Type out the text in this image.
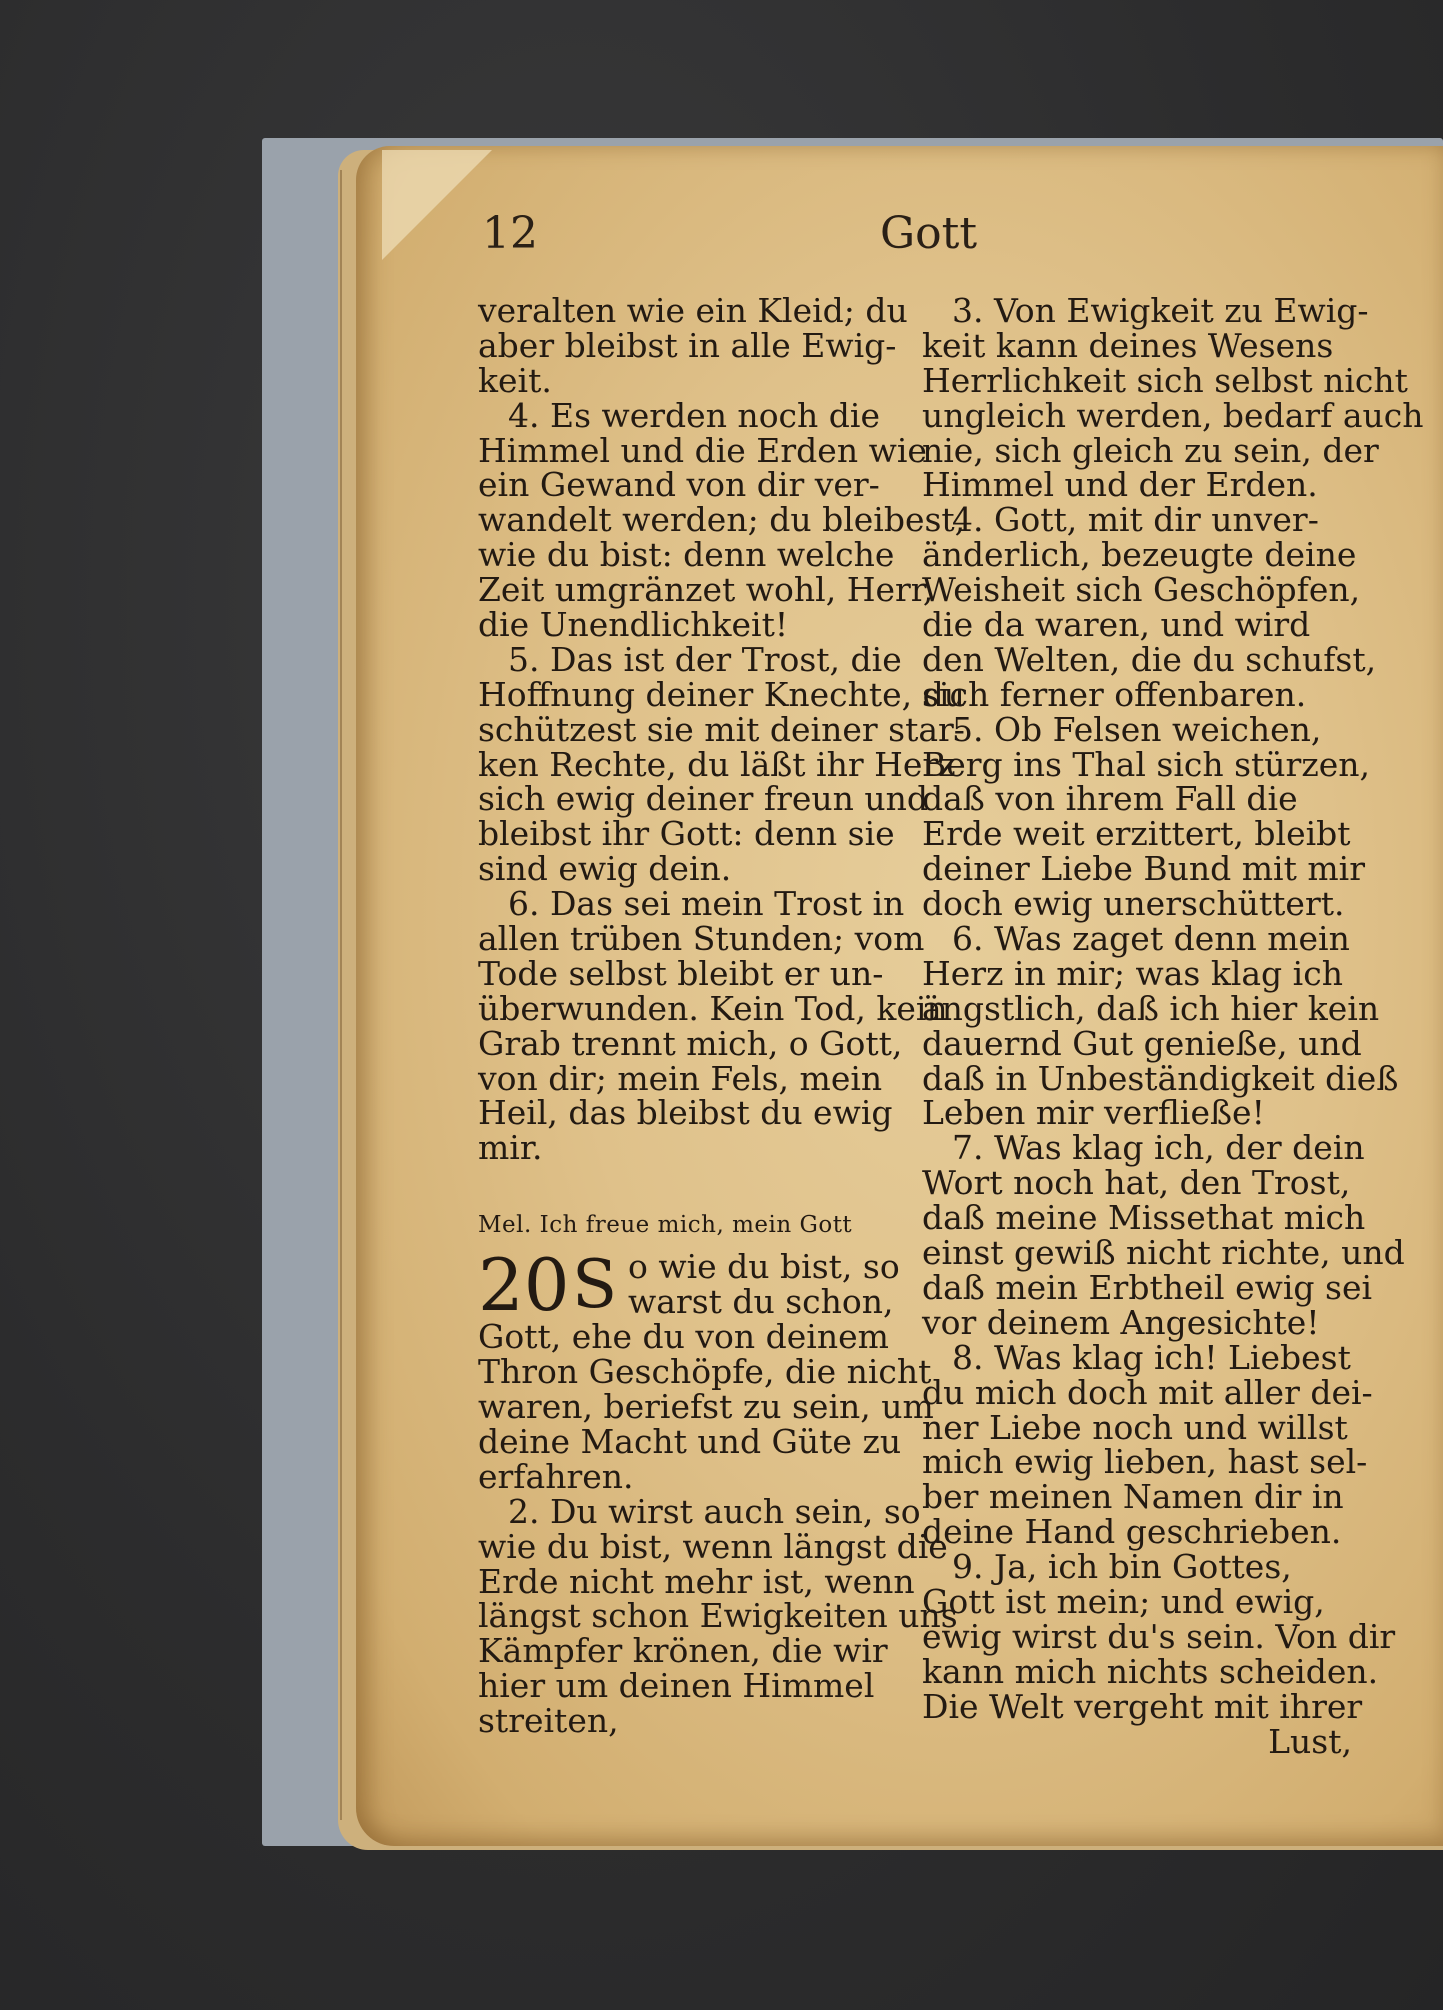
12	Gott
veralten wie ein Kleid; du
aber bleibst in alle Ewig-
keit.
4. Es werden noch die
Himmel und die Erden wie
ein Gewand von dir ver-
wandelt werden; du bleibest,
wie du bist: denn welche
Zeit umgränzet wohl, Herr,
die Unendlichkeit!
5. Das ist der Trost, die
Hoffnung deiner Knechte, du
schützest sie mit deiner star-
ken Rechte, du läßt ihr Herz
sich ewig deiner freun und
bleibst ihr Gott: denn sie
sind ewig dein.
6. Das sei mein Trost in
allen trüben Stunden; vom
Tode selbst bleibt er un-
überwunden. Kein Tod, kein
Grab trennt mich, o Gott,
von dir; mein Fels, mein
Heil, das bleibst du ewig
mir.
Mel. Ich freue mich, mein Gott
20 S o wie du bist, so
warst du schon,
Gott, ehe du von deinem
Thron Geschöpfe, die nicht
waren, beriefst zu sein, um
deine Macht und Güte zu
erfahren.
2. Du wirst auch sein, so
wie du bist, wenn längst die
Erde nicht mehr ist, wenn
längst schon Ewigkeiten uns
Kämpfer krönen, die wir
hier um deinen Himmel
streiten,
3. Von Ewigkeit zu Ewig-
keit kann deines Wesens
Herrlichkeit sich selbst nicht
ungleich werden, bedarf auch
nie, sich gleich zu sein, der
Himmel und der Erden.
4. Gott, mit dir unver-
änderlich, bezeugte deine
Weisheit sich Geschöpfen,
die da waren, und wird
den Welten, die du schufst,
sich ferner offenbaren.
5. Ob Felsen weichen,
Berg ins Thal sich stürzen,
daß von ihrem Fall die
Erde weit erzittert, bleibt
deiner Liebe Bund mit mir
doch ewig unerschüttert.
6. Was zaget denn mein
Herz in mir; was klag ich
ängstlich, daß ich hier kein
dauernd Gut genieße, und
daß in Unbeständigkeit dieß
Leben mir verfließe!
7. Was klag ich, der dein
Wort noch hat, den Trost,
daß meine Missethat mich
einst gewiß nicht richte, und
daß mein Erbtheil ewig sei
vor deinem Angesichte!
8. Was klag ich! Liebest
du mich doch mit aller dei-
ner Liebe noch und willst
mich ewig lieben, hast sel-
ber meinen Namen dir in
deine Hand geschrieben.
9. Ja, ich bin Gottes,
Gott ist mein; und ewig,
ewig wirst du's sein. Von dir
kann mich nichts scheiden.
Die Welt vergeht mit ihrer
Lust,
